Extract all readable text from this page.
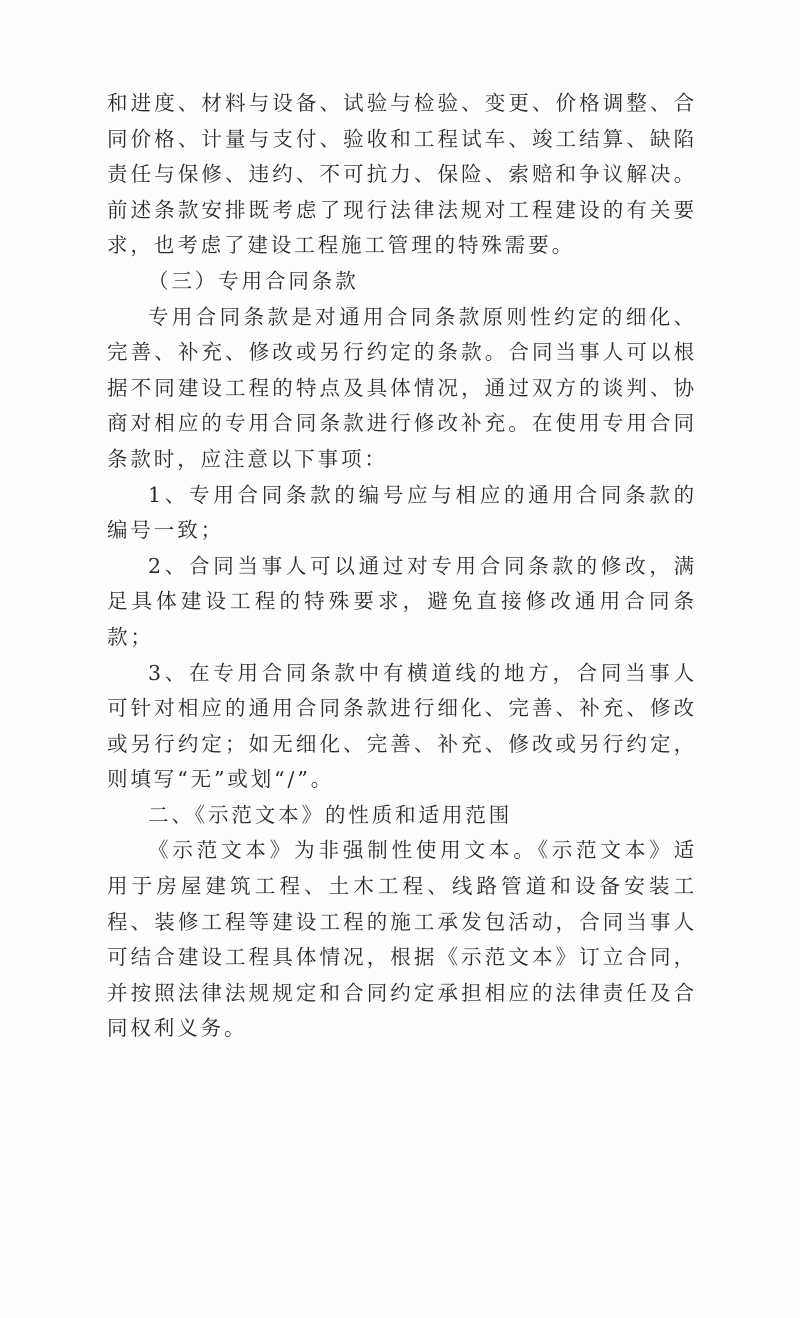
和进度、材料与设备、试验与检验、变更、价格调整、合同价格、计量与支付、验收和工程试车、竣工结算、缺陷责任与保修、违约、不可抗力、保险、索赔和争议解决。前述条款安排既考虑了现行法律法规对工程建设的有关要求，也考虑了建设工程施工管理的特殊需要。

（三）专用合同条款

专用合同条款是对通用合同条款原则性约定的细化、完善、补充、修改或另行约定的条款。合同当事人可以根据不同建设工程的特点及具体情况，通过双方的谈判、协商对相应的专用合同条款进行修改补充。在使用专用合同条款时，应注意以下事项：

1、专用合同条款的编号应与相应的通用合同条款的编号一致；

2、合同当事人可以通过对专用合同条款的修改，满足具体建设工程的特殊要求，避免直接修改通用合同条款；

3、在专用合同条款中有横道线的地方，合同当事人可针对相应的通用合同条款进行细化、完善、补充、修改或另行约定；如无细化、完善、补充、修改或另行约定，则填写“无”或划“/”。

二、《示范文本》的性质和适用范围

《示范文本》为非强制性使用文本。《示范文本》适用于房屋建筑工程、土木工程、线路管道和设备安装工程、装修工程等建设工程的施工承发包活动，合同当事人可结合建设工程具体情况，根据《示范文本》订立合同，并按照法律法规规定和合同约定承担相应的法律责任及合同权利义务。
